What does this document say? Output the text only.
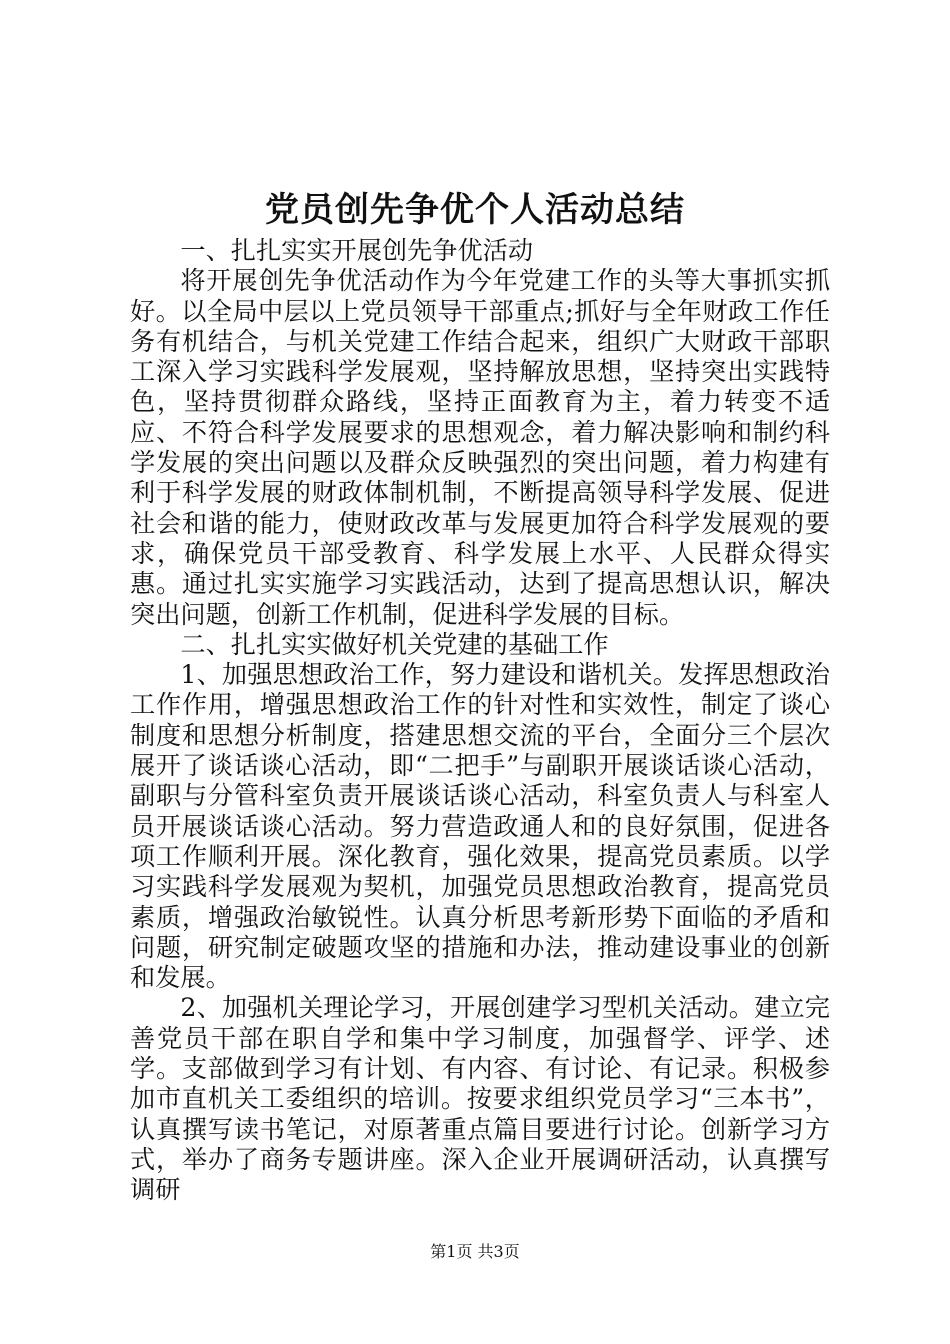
党员创先争优个人活动总结

一、扎扎实实开展创先争优活动

将开展创先争优活动作为今年党建工作的头等大事抓实抓好。以全局中层以上党员领导干部重点;抓好与全年财政工作任务有机结合，与机关党建工作结合起来，组织广大财政干部职工深入学习实践科学发展观，坚持解放思想，坚持突出实践特色，坚持贯彻群众路线，坚持正面教育为主，着力转变不适应、不符合科学发展要求的思想观念，着力解决影响和制约科学发展的突出问题以及群众反映强烈的突出问题，着力构建有利于科学发展的财政体制机制，不断提高领导科学发展、促进社会和谐的能力，使财政改革与发展更加符合科学发展观的要求，确保党员干部受教育、科学发展上水平、人民群众得实惠。通过扎实实施学习实践活动，达到了提高思想认识，解决突出问题，创新工作机制，促进科学发展的目标。

二、扎扎实实做好机关党建的基础工作

1、加强思想政治工作，努力建设和谐机关。发挥思想政治工作作用，增强思想政治工作的针对性和实效性，制定了谈心制度和思想分析制度，搭建思想交流的平台，全面分三个层次展开了谈话谈心活动，即“二把手”与副职开展谈话谈心活动，副职与分管科室负责开展谈话谈心活动，科室负责人与科室人员开展谈话谈心活动。努力营造政通人和的良好氛围，促进各项工作顺利开展。深化教育，强化效果，提高党员素质。以学习实践科学发展观为契机，加强党员思想政治教育，提高党员素质，增强政治敏锐性。认真分析思考新形势下面临的矛盾和问题，研究制定破题攻坚的措施和办法，推动建设事业的创新和发展。

2、加强机关理论学习，开展创建学习型机关活动。建立完善党员干部在职自学和集中学习制度，加强督学、评学、述学。支部做到学习有计划、有内容、有讨论、有记录。积极参加市直机关工委组织的培训。按要求组织党员学习“三本书”，认真撰写读书笔记，对原著重点篇目要进行讨论。创新学习方式，举办了商务专题讲座。深入企业开展调研活动，认真撰写调研

第1页 共3页
